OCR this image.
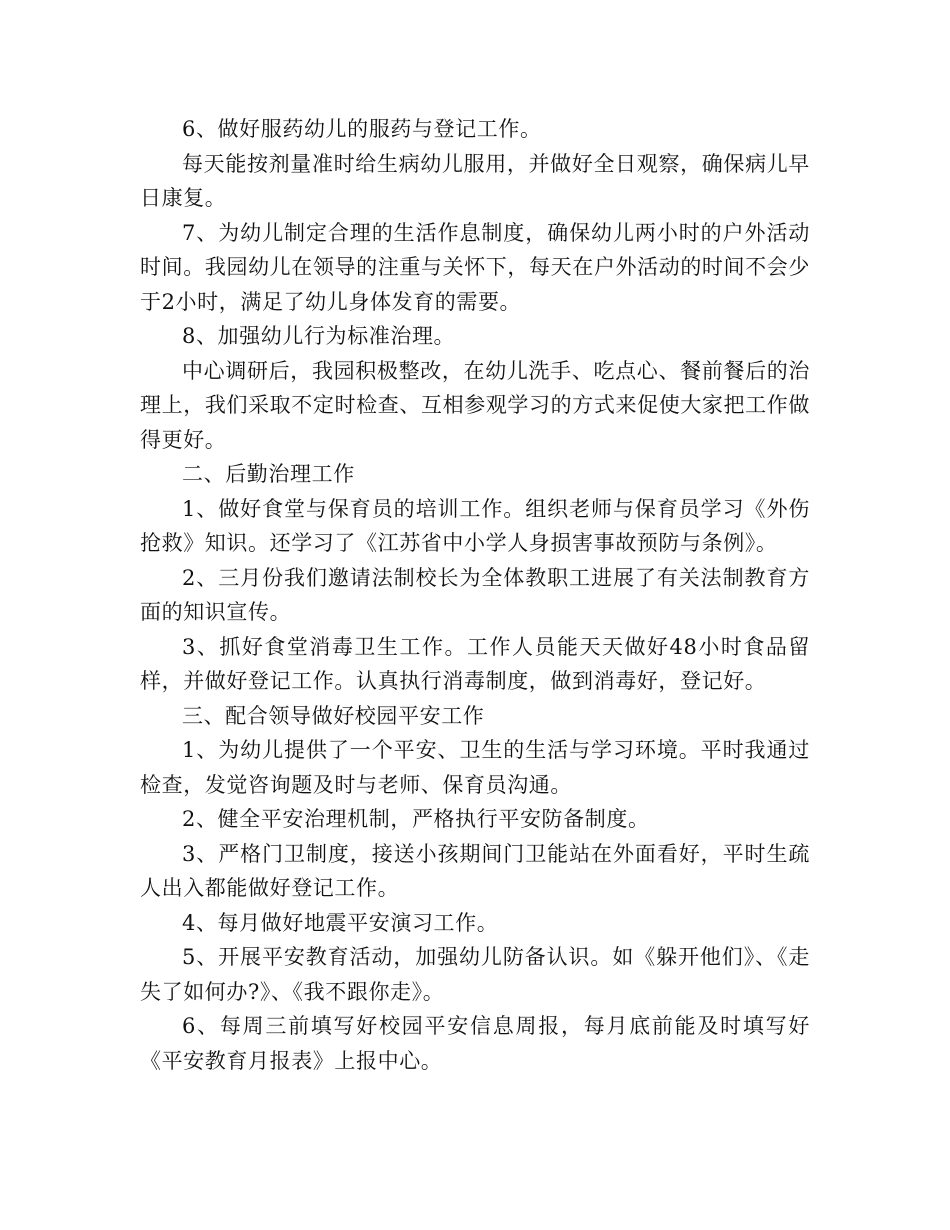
6、做好服药幼儿的服药与登记工作。

每天能按剂量准时给生病幼儿服用，并做好全日观察，确保病儿早日康复。

7、为幼儿制定合理的生活作息制度，确保幼儿两小时的户外活动时间。我园幼儿在领导的注重与关怀下，每天在户外活动的时间不会少于2小时，满足了幼儿身体发育的需要。

8、加强幼儿行为标准治理。

中心调研后，我园积极整改，在幼儿洗手、吃点心、餐前餐后的治理上，我们采取不定时检查、互相参观学习的方式来促使大家把工作做得更好。

二、后勤治理工作

1、做好食堂与保育员的培训工作。组织老师与保育员学习《外伤抢救》知识。还学习了《江苏省中小学人身损害事故预防与条例》。

2、三月份我们邀请法制校长为全体教职工进展了有关法制教育方面的知识宣传。

3、抓好食堂消毒卫生工作。工作人员能天天做好48小时食品留样，并做好登记工作。认真执行消毒制度，做到消毒好，登记好。

三、配合领导做好校园平安工作

1、为幼儿提供了一个平安、卫生的生活与学习环境。平时我通过检查，发觉咨询题及时与老师、保育员沟通。

2、健全平安治理机制，严格执行平安防备制度。

3、严格门卫制度，接送小孩期间门卫能站在外面看好，平时生疏人出入都能做好登记工作。

4、每月做好地震平安演习工作。

5、开展平安教育活动，加强幼儿防备认识。如《躲开他们》、《走失了如何办?》、《我不跟你走》。

6、每周三前填写好校园平安信息周报，每月底前能及时填写好《平安教育月报表》上报中心。
